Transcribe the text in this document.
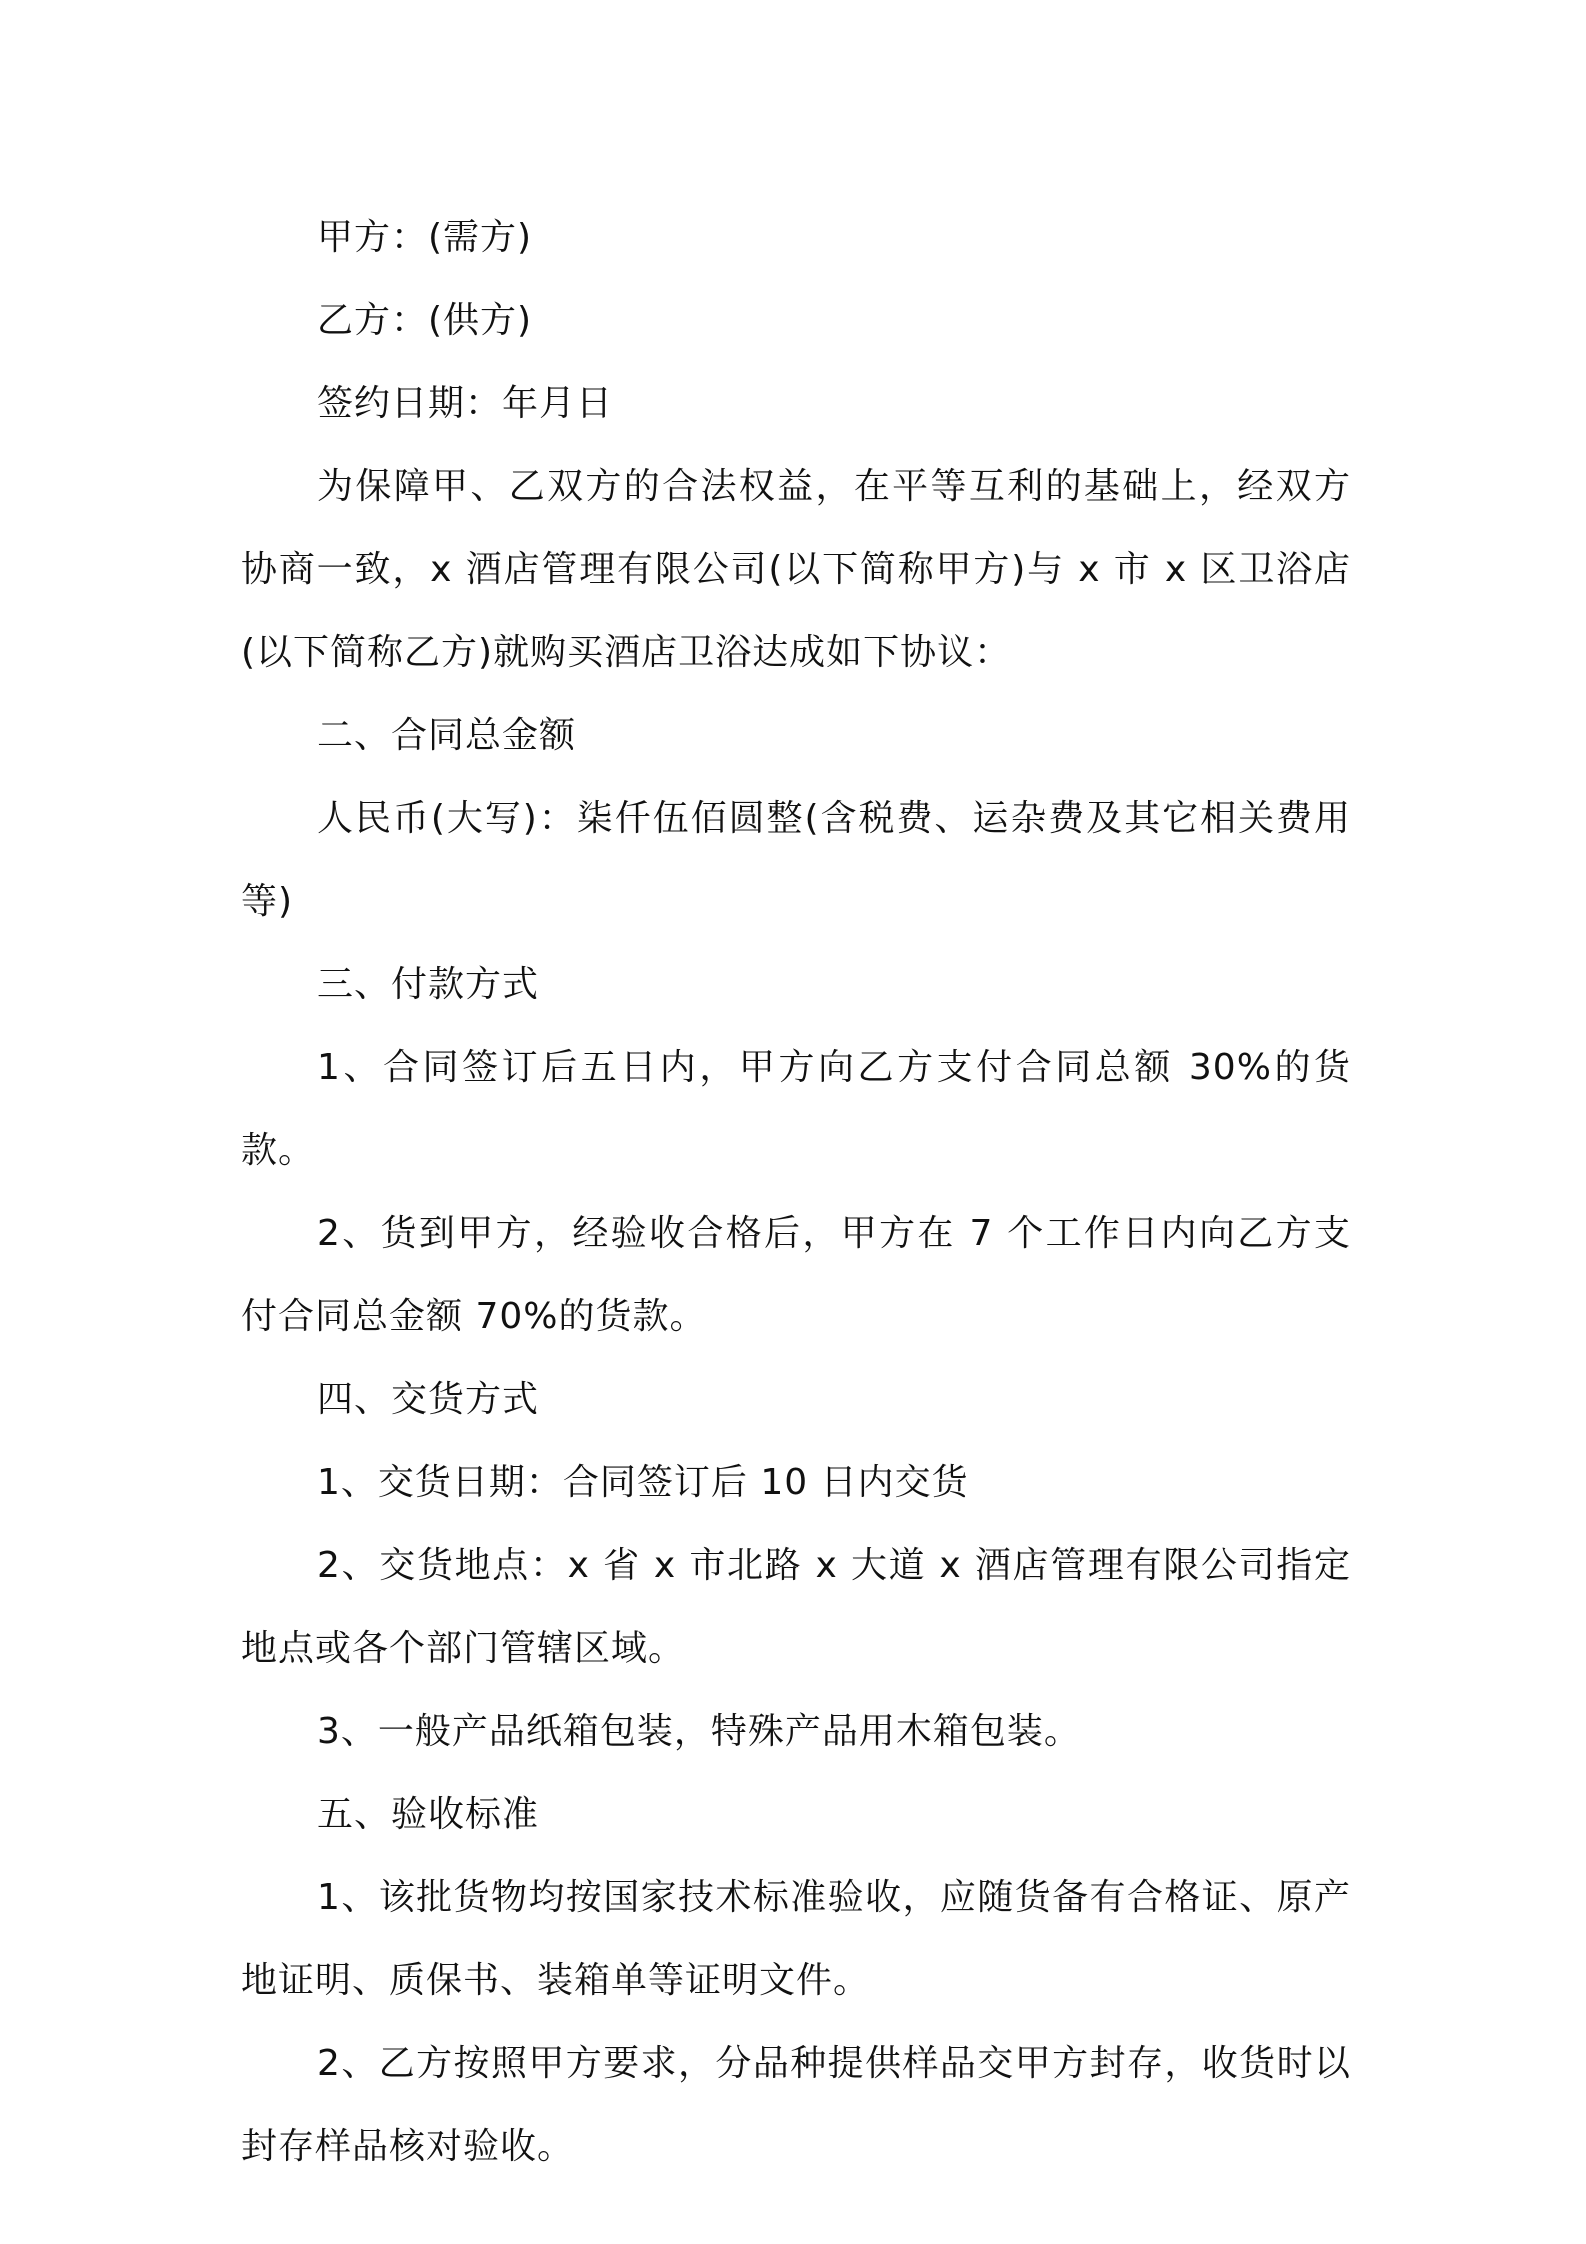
甲方：(需方)

乙方：(供方)

签约日期：年月日

为保障甲、乙双方的合法权益，在平等互利的基础上，经双方协商一致，x 酒店管理有限公司(以下简称甲方)与 x 市 x 区卫浴店(以下简称乙方)就购买酒店卫浴达成如下协议：

二、合同总金额

人民币(大写)：柒仟伍佰圆整(含税费、运杂费及其它相关费用等)

三、付款方式

1、合同签订后五日内，甲方向乙方支付合同总额 30%的货款。

2、货到甲方，经验收合格后，甲方在 7 个工作日内向乙方支付合同总金额 70%的货款。

四、交货方式

1、交货日期：合同签订后 10 日内交货

2、交货地点：x 省 x 市北路 x 大道 x 酒店管理有限公司指定地点或各个部门管辖区域。

3、一般产品纸箱包装，特殊产品用木箱包装。

五、验收标准

1、该批货物均按国家技术标准验收，应随货备有合格证、原产地证明、质保书、装箱单等证明文件。

2、乙方按照甲方要求，分品种提供样品交甲方封存，收货时以封存样品核对验收。
